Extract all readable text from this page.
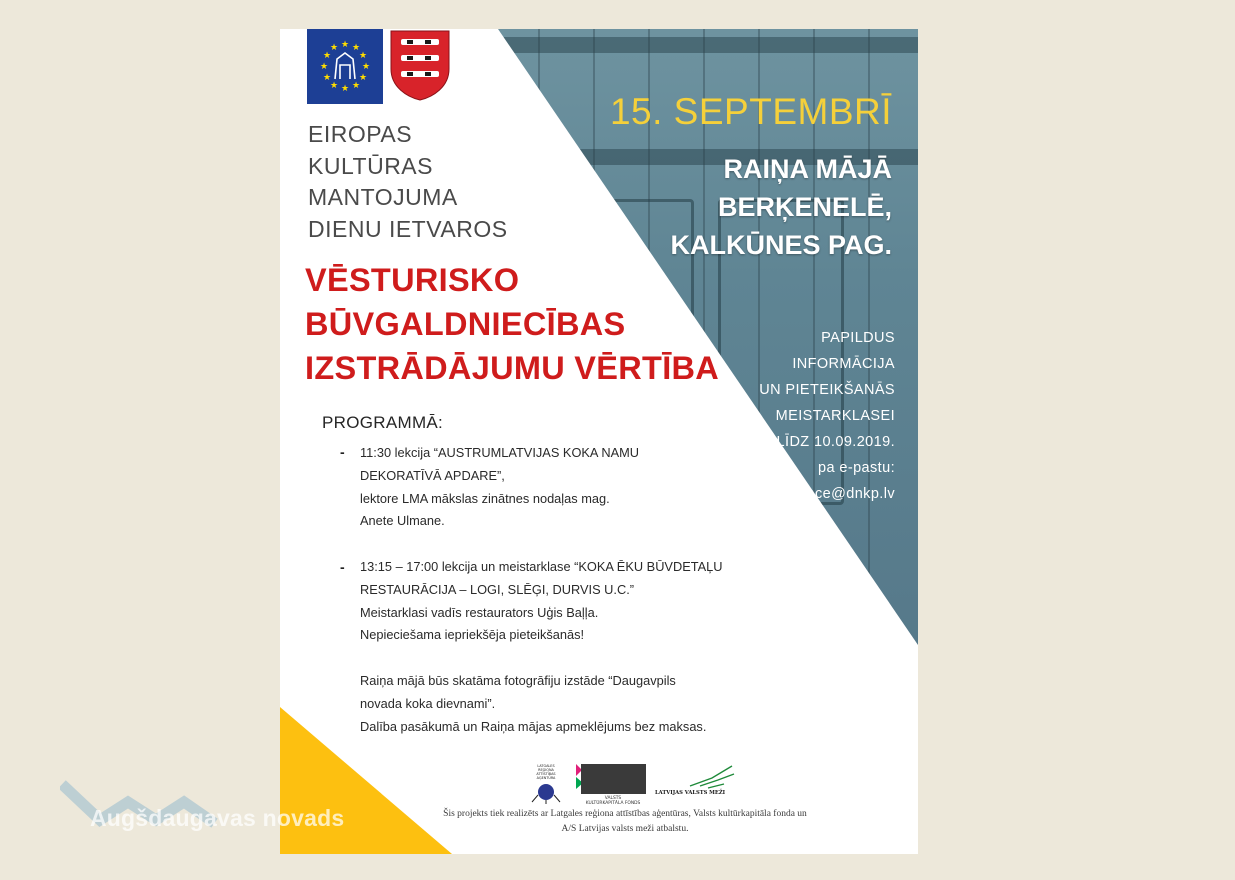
★ ★
★
★
★
★
★
★
★
★
★
★

EIROPAS
KULTŪRAS
MANTOJUMA
DIENU IETVAROS

VĒSTURISKO
BŪVGALDNIECĪBAS
IZSTRĀDĀJUMU VĒRTĪBA

15. SEPTEMBRĪ

RAIŅA MĀJĀ
BERĶENELĒ,
KALKŪNES PAG.

PAPILDUS
INFORMĀCIJA
UN PIETEIKŠANĀS
MEISTARKLASEI
LĪDZ 10.09.2019.
pa e-pastu:
aiva.lace@dnkp.lv

PROGRAMMĀ:

-
-
11:30 lekcija “AUSTRUMLATVIJAS KOKA NAMU
DEKORATĪVĀ APDARE”,
lektore LMA mākslas zinātnes nodaļas mag.
Anete Ulmane.
13:15 – 17:00 lekcija un meistarklase “KOKA ĒKU BŪVDETAĻU
RESTAURĀCIJA – LOGI, SLĒĢI, DURVIS U.C.”
Meistarklasi vadīs restaurators Uģis Baļļa.
Nepieciešama iepriekšēja pieteikšanās!
Raiņa mājā būs skatāma fotogrāfiju izstāde “Daugavpils
novada koka dievnami”.
Dalība pasākumā un Raiņa mājas apmeklējums bez maksas.
LATGALES
REĢIONA
ATTĪSTĪBAS
AĢENTŪRA
VALSTS
KULTŪRKAPITĀLA FONDS
LATVIJAS VALSTS MEŽI

Šis projekts tiek realizēts ar Latgales reģiona attīstības aģentūras, Valsts kultūrkapitāla fonda un
A/S Latvijas valsts meži atbalstu.

Augšdaugavas novads
